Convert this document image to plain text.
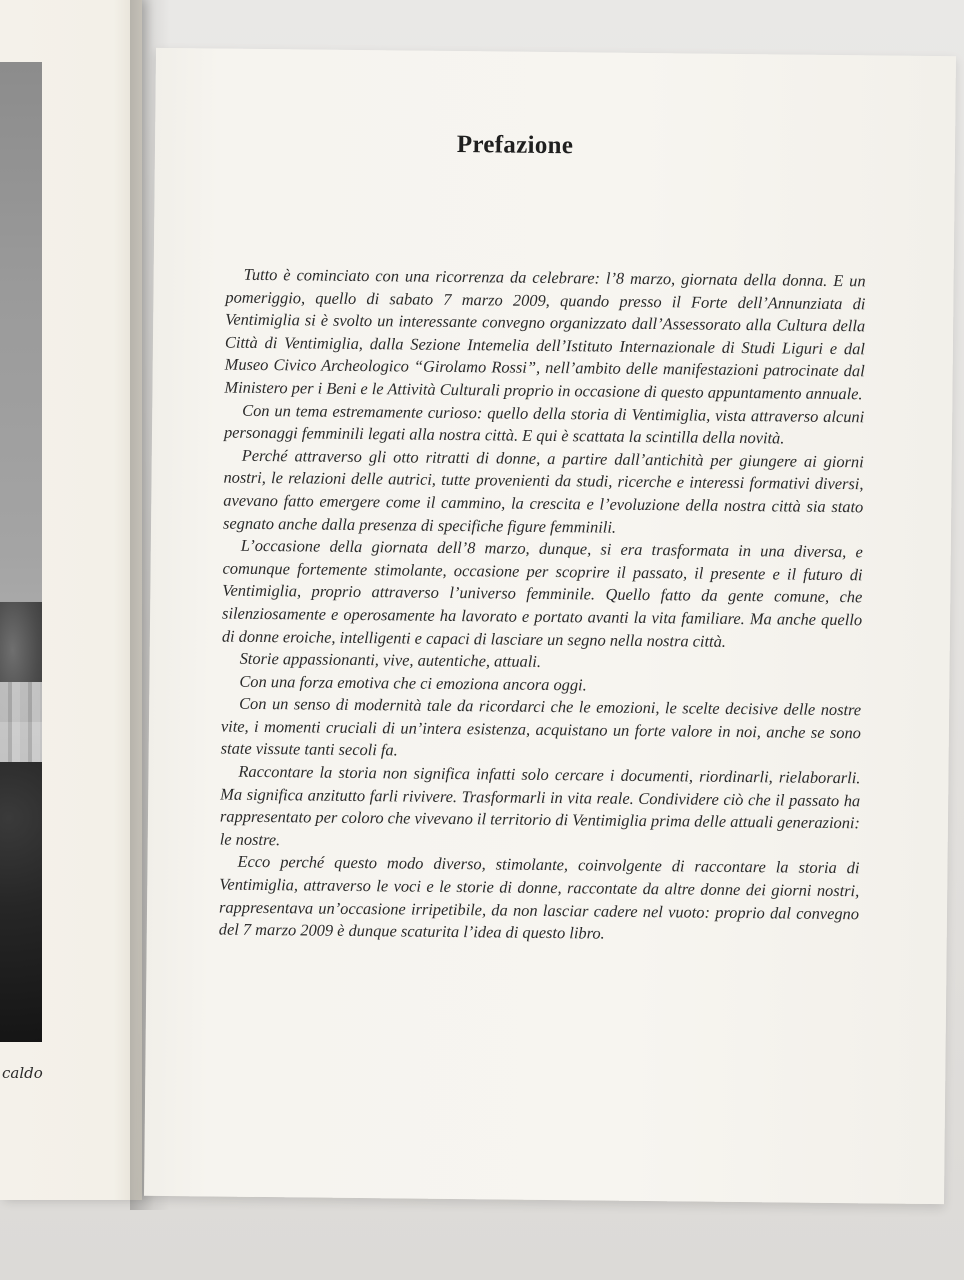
caldo
Prefazione

Tutto è cominciato con una ricorrenza da celebrare: l’8 marzo, giornata della donna. E un pomeriggio, quello di sabato 7 marzo 2009, quando presso il Forte dell’Annunziata di Ventimiglia si è svolto un interessante convegno organizzato dall’Assessorato alla Cultura della Città di Ventimiglia, dalla Sezione Intemelia dell’Istituto Internazionale di Studi Liguri e dal Museo Civico Archeologico “Girolamo Rossi”, nell’ambito delle manifestazioni patrocinate dal Ministero per i Beni e le Attività Culturali proprio in occasione di questo appuntamento annuale.

Con un tema estremamente curioso: quello della storia di Ventimiglia, vista attraverso alcuni personaggi femminili legati alla nostra città. E qui è scattata la scintilla della novità.

Perché attraverso gli otto ritratti di donne, a partire dall’antichità per giungere ai giorni nostri, le relazioni delle autrici, tutte provenienti da studi, ricerche e interessi formativi diversi, avevano fatto emergere come il cammino, la crescita e l’evoluzione della nostra città sia stato segnato anche dalla presenza di specifiche figure femminili.

L’occasione della giornata dell’8 marzo, dunque, si era trasformata in una diversa, e comunque fortemente stimolante, occasione per scoprire il passato, il presente e il futuro di Ventimiglia, proprio attraverso l’universo femminile. Quello fatto da gente comune, che silenziosamente e operosamente ha lavorato e portato avanti la vita familiare. Ma anche quello di donne eroiche, intelligenti e capaci di lasciare un segno nella nostra città.

Storie appassionanti, vive, autentiche, attuali.

Con una forza emotiva che ci emoziona ancora oggi.

Con un senso di modernità tale da ricordarci che le emozioni, le scelte decisive delle nostre vite, i momenti cruciali di un’intera esistenza, acquistano un forte valore in noi, anche se sono state vissute tanti secoli fa.

Raccontare la storia non significa infatti solo cercare i documenti, riordinarli, rielaborarli. Ma significa anzitutto farli rivivere. Trasformarli in vita reale. Condividere ciò che il passato ha rappresentato per coloro che vivevano il territorio di Ventimiglia prima delle attuali generazioni: le nostre.

Ecco perché questo modo diverso, stimolante, coinvolgente di raccontare la storia di Ventimiglia, attraverso le voci e le storie di donne, raccontate da altre donne dei giorni nostri, rappresentava un’occasione irripetibile, da non lasciar cadere nel vuoto: proprio dal convegno del 7 marzo 2009 è dunque scaturita l’idea di questo libro.
